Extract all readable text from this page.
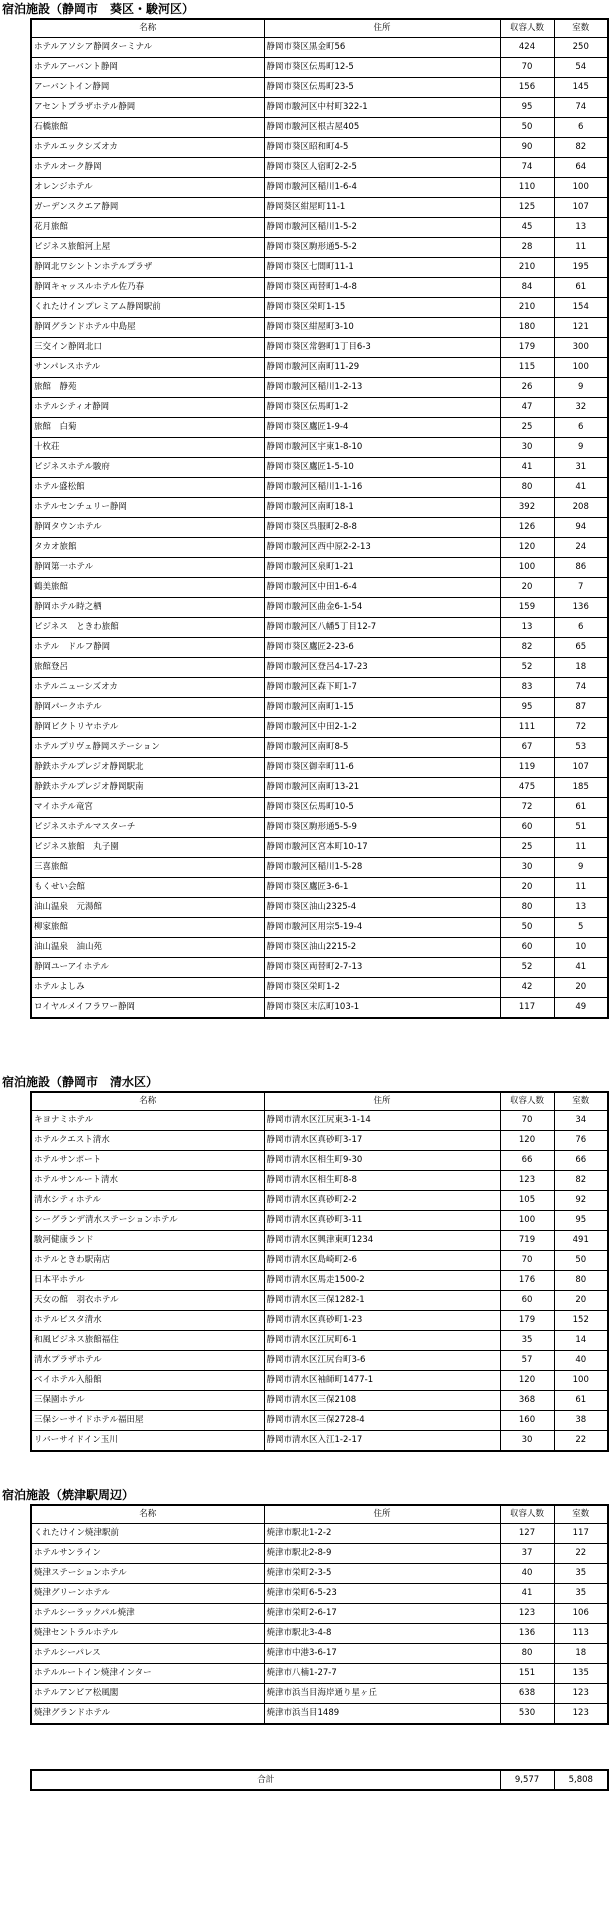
宿泊施設（静岡市　葵区・駿河区）
名称	住所	収容人数	室数
ホテルアソシア静岡ターミナル	静岡市葵区黒金町56	424	250
ホテルアーバント静岡	静岡市葵区伝馬町12-5	70	54
アーバントイン静岡	静岡市葵区伝馬町23-5	156	145
アセントプラザホテル静岡	静岡市駿河区中村町322-1	95	74
石橋旅館	静岡市駿河区根古屋405	50	6
ホテルエックシズオカ	静岡市葵区昭和町4-5	90	82
ホテルオーク静岡	静岡市葵区人宿町2-2-5	74	64
オレンジホテル	静岡市駿河区稲川1-6-4	110	100
ガーデンスクエア静岡	静岡葵区紺屋町11-1	125	107
花月旅館	静岡市駿河区稲川1-5-2	45	13
ビジネス旅館河上屋	静岡市葵区駒形通5-5-2	28	11
静岡北ワシントンホテルプラザ	静岡市葵区七間町11-1	210	195
静岡キャッスルホテル佐乃春	静岡市葵区両替町1-4-8	84	61
くれたけインプレミアム静岡駅前	静岡市葵区栄町1-15	210	154
静岡グランドホテル中島屋	静岡市葵区紺屋町3-10	180	121
三交イン静岡北口	静岡市葵区常磐町1丁目6-3	179	300
サンパレスホテル	静岡市駿河区南町11-29	115	100
旅館　静苑	静岡市駿河区稲川1-2-13	26	9
ホテルシティオ静岡	静岡市葵区伝馬町1-2	47	32
旅館　白菊	静岡市葵区鷹匠1-9-4	25	6
十枚荘	静岡市駿河区宇東1-8-10	30	9
ビジネスホテル駿府	静岡市葵区鷹匠1-5-10	41	31
ホテル盛松館	静岡市駿河区稲川1-1-16	80	41
ホテルセンチュリー静岡	静岡市駿河区南町18-1	392	208
静岡タウンホテル	静岡市葵区呉服町2-8-8	126	94
タカオ旅館	静岡市駿河区西中原2-2-13	120	24
静岡第一ホテル	静岡市駿河区泉町1-21	100	86
鶴美旅館	静岡市駿河区中田1-6-4	20	7
静岡ホテル時之栖	静岡市駿河区曲金6-1-54	159	136
ビジネス　ときわ旅館	静岡市駿河区八幡5丁目12-7	13	6
ホテル　ドルフ静岡	静岡市葵区鷹匠2-23-6	82	65
旅館登呂	静岡市駿河区登呂4-17-23	52	18
ホテルニューシズオカ	静岡市駿河区森下町1-7	83	74
静岡パークホテル	静岡市駿河区南町1-15	95	87
静岡ビクトリヤホテル	静岡市駿河区中田2-1-2	111	72
ホテルプリヴェ静岡ステーション	静岡市駿河区南町8-5	67	53
静鉄ホテルプレジオ静岡駅北	静岡市葵区御幸町11-6	119	107
静鉄ホテルプレジオ静岡駅南	静岡市駿河区南町13-21	475	185
マイホテル竜宮	静岡市葵区伝馬町10-5	72	61
ビジネスホテルマスターチ	静岡市葵区駒形通5-5-9	60	51
ビジネス旅館　丸子園	静岡市駿河区宮本町10-17	25	11
三喜旅館	静岡市駿河区稲川1-5-28	30	9
もくせい会館	静岡市葵区鷹匠3-6-1	20	11
油山温泉　元湯館	静岡市葵区油山2325-4	80	13
柳家旅館	静岡市駿河区用宗5-19-4	50	5
油山温泉　油山苑	静岡市葵区油山2215-2	60	10
静岡ユーアイホテル	静岡市葵区両替町2-7-13	52	41
ホテルよしみ	静岡市葵区栄町1-2	42	20
ロイヤルメイフラワー静岡	静岡市葵区末広町103-1	117	49
宿泊施設（静岡市　清水区）
名称	住所	収容人数	室数
キヨナミホテル	静岡市清水区江尻東3-1-14	70	34
ホテルクエスト清水	静岡市清水区真砂町3-17	120	76
ホテルサンポート	静岡市清水区相生町9-30	66	66
ホテルサンルート清水	静岡市清水区相生町8-8	123	82
清水シティホテル	静岡市清水区真砂町2-2	105	92
シーグランデ清水ステーションホテル	静岡市清水区真砂町3-11	100	95
駿河健康ランド	静岡市清水区興津東町1234	719	491
ホテルときわ駅南店	静岡市清水区島崎町2-6	70	50
日本平ホテル	静岡市清水区馬走1500-2	176	80
天女の館　羽衣ホテル	静岡市清水区三保1282-1	60	20
ホテルビスタ清水	静岡市清水区真砂町1-23	179	152
和風ビジネス旅館福住	静岡市清水区江尻町6-1	35	14
清水プラザホテル	静岡市清水区江尻台町3-6	57	40
ベイホテル入船館	静岡市清水区袖師町1477-1	120	100
三保園ホテル	静岡市清水区三保2108	368	61
三保シーサイドホテル福田屋	静岡市清水区三保2728-4	160	38
リバーサイドイン玉川	静岡市清水区入江1-2-17	30	22
宿泊施設（焼津駅周辺）
名称	住所	収容人数	室数
くれたけイン焼津駅前	焼津市駅北1-2-2	127	117
ホテルサンライン	焼津市駅北2-8-9	37	22
焼津ステーションホテル	焼津市栄町2-3-5	40	35
焼津グリーンホテル	焼津市栄町6-5-23	41	35
ホテルシーラックパル焼津	焼津市栄町2-6-17	123	106
焼津セントラルホテル	焼津市駅北3-4-8	136	113
ホテルシーパレス	焼津市中港3-6-17	80	18
ホテルルートイン焼津インター	焼津市八楠1-27-7	151	135
ホテルアンビア松風閣	焼津市浜当目海岸通り星ヶ丘	638	123
焼津グランドホテル	焼津市浜当目1489	530	123
合計	9,577	5,808
